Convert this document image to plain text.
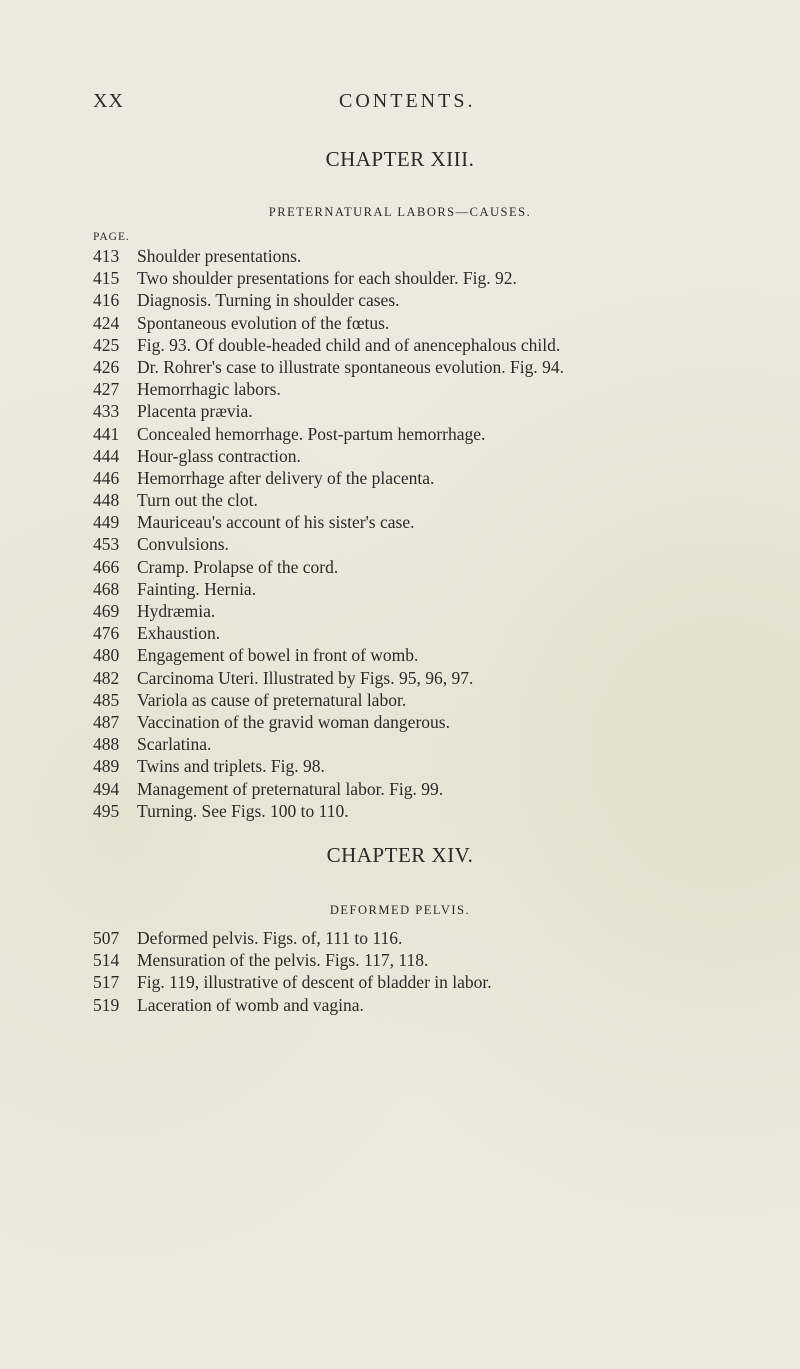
XX	CONTENTS.
CHAPTER XIII.
PRETERNATURAL LABORS—CAUSES.
PAGE.
413 Shoulder presentations.
415 Two shoulder presentations for each shoulder. Fig. 92.
416 Diagnosis. Turning in shoulder cases.
424 Spontaneous evolution of the fœtus.
425 Fig. 93. Of double-headed child and of anencephalous child.
426 Dr. Rohrer's case to illustrate spontaneous evolution. Fig. 94.
427 Hemorrhagic labors.
433 Placenta prævia.
441 Concealed hemorrhage. Post-partum hemorrhage.
444 Hour-glass contraction.
446 Hemorrhage after delivery of the placenta.
448 Turn out the clot.
449 Mauriceau's account of his sister's case.
453 Convulsions.
466 Cramp. Prolapse of the cord.
468 Fainting. Hernia.
469 Hydræmia.
476 Exhaustion.
480 Engagement of bowel in front of womb.
482 Carcinoma Uteri. Illustrated by Figs. 95, 96, 97.
485 Variola as cause of preternatural labor.
487 Vaccination of the gravid woman dangerous.
488 Scarlatina.
489 Twins and triplets. Fig. 98.
494 Management of preternatural labor. Fig. 99.
495 Turning. See Figs. 100 to 110.
CHAPTER XIV.
DEFORMED PELVIS.
507 Deformed pelvis. Figs. of, 111 to 116.
514 Mensuration of the pelvis. Figs. 117, 118.
517 Fig. 119, illustrative of descent of bladder in labor.
519 Laceration of womb and vagina.
